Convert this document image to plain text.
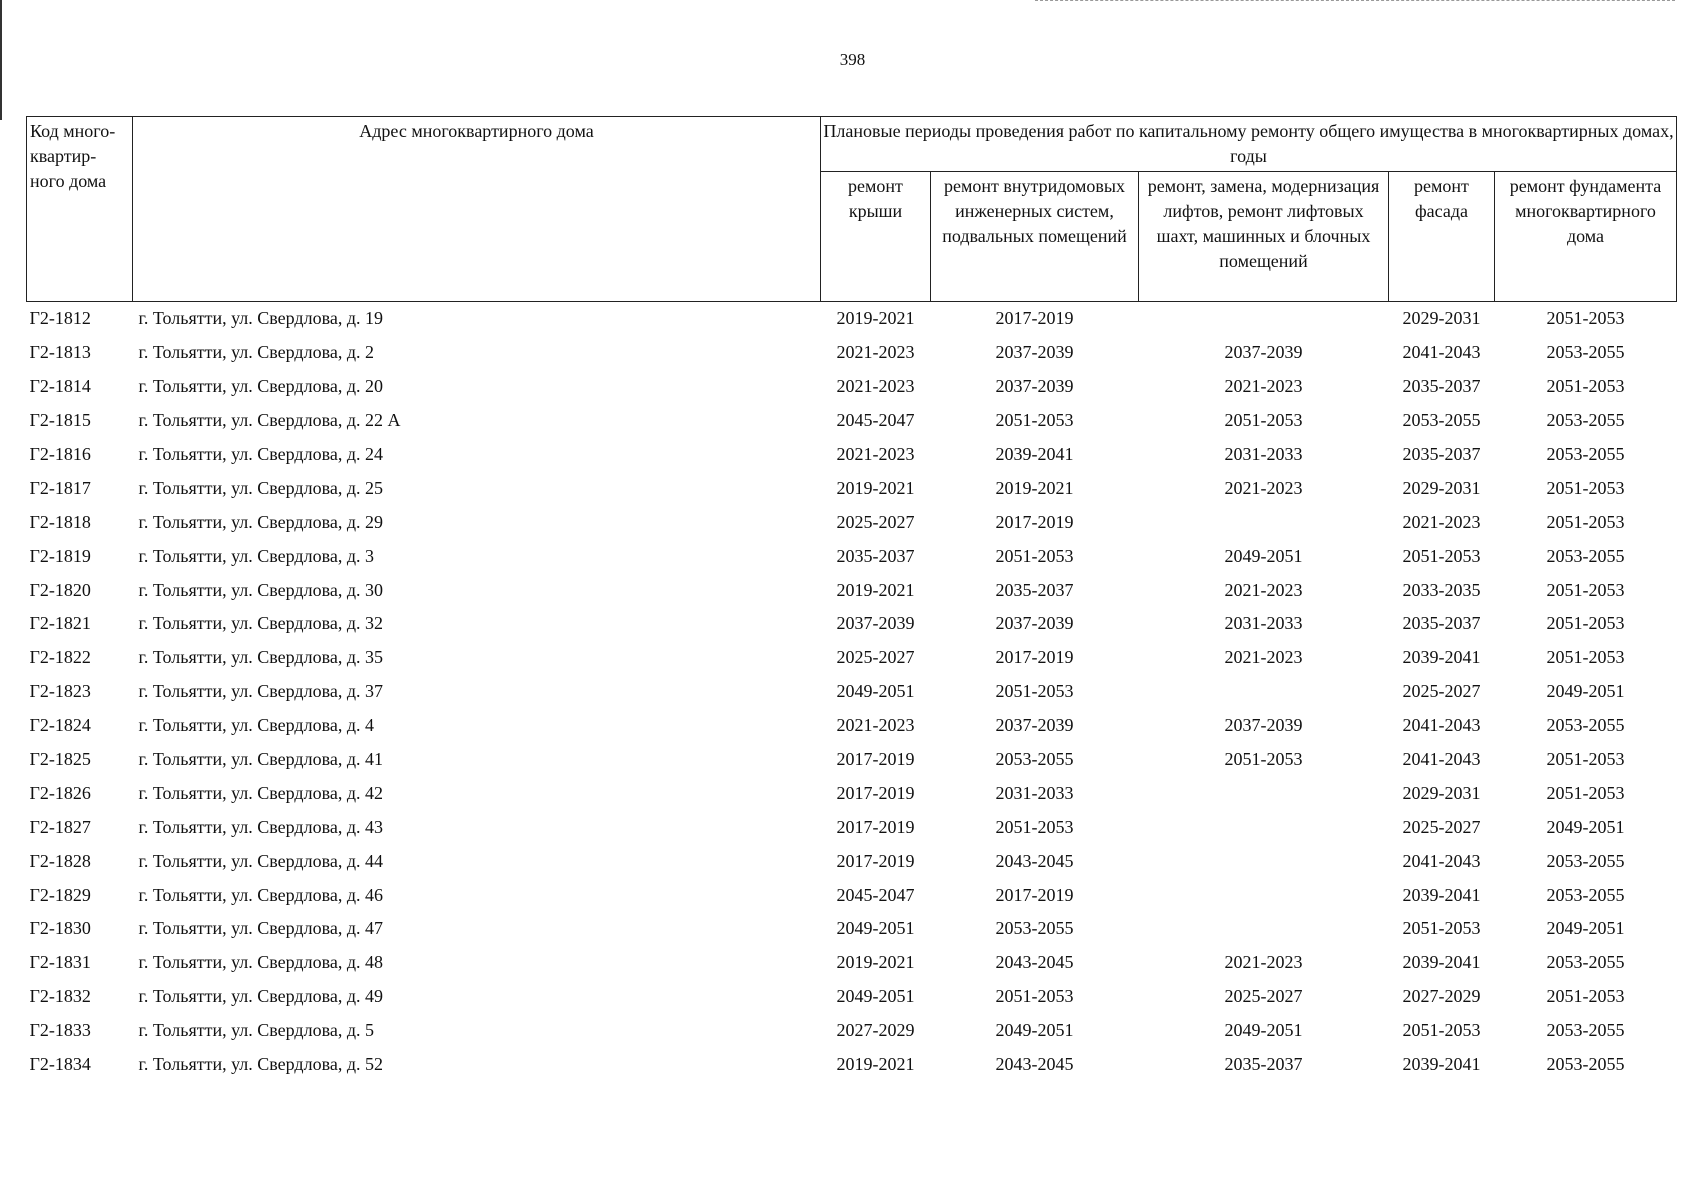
398
Код много-квартир-ного дома	Адрес многоквартирного дома	Плановые периоды проведения работ по капитальному ремонту общего имущества в многоквартирных домах, годы				
		ремонт крыши	ремонт внутридомовых инженерных систем, подвальных помещений	ремонт, замена, модернизация лифтов, ремонт лифтовых шахт, машинных и блочных помещений	ремонт фасада	ремонт фундамента многоквартирного дома
Г2-1812	г. Тольятти, ул. Свердлова, д. 19	2019-2021	2017-2019		2029-2031	2051-2053
Г2-1813	г. Тольятти, ул. Свердлова, д. 2	2021-2023	2037-2039	2037-2039	2041-2043	2053-2055
Г2-1814	г. Тольятти, ул. Свердлова, д. 20	2021-2023	2037-2039	2021-2023	2035-2037	2051-2053
Г2-1815	г. Тольятти, ул. Свердлова, д. 22 А	2045-2047	2051-2053	2051-2053	2053-2055	2053-2055
Г2-1816	г. Тольятти, ул. Свердлова, д. 24	2021-2023	2039-2041	2031-2033	2035-2037	2053-2055
Г2-1817	г. Тольятти, ул. Свердлова, д. 25	2019-2021	2019-2021	2021-2023	2029-2031	2051-2053
Г2-1818	г. Тольятти, ул. Свердлова, д. 29	2025-2027	2017-2019		2021-2023	2051-2053
Г2-1819	г. Тольятти, ул. Свердлова, д. 3	2035-2037	2051-2053	2049-2051	2051-2053	2053-2055
Г2-1820	г. Тольятти, ул. Свердлова, д. 30	2019-2021	2035-2037	2021-2023	2033-2035	2051-2053
Г2-1821	г. Тольятти, ул. Свердлова, д. 32	2037-2039	2037-2039	2031-2033	2035-2037	2051-2053
Г2-1822	г. Тольятти, ул. Свердлова, д. 35	2025-2027	2017-2019	2021-2023	2039-2041	2051-2053
Г2-1823	г. Тольятти, ул. Свердлова, д. 37	2049-2051	2051-2053		2025-2027	2049-2051
Г2-1824	г. Тольятти, ул. Свердлова, д. 4	2021-2023	2037-2039	2037-2039	2041-2043	2053-2055
Г2-1825	г. Тольятти, ул. Свердлова, д. 41	2017-2019	2053-2055	2051-2053	2041-2043	2051-2053
Г2-1826	г. Тольятти, ул. Свердлова, д. 42	2017-2019	2031-2033		2029-2031	2051-2053
Г2-1827	г. Тольятти, ул. Свердлова, д. 43	2017-2019	2051-2053		2025-2027	2049-2051
Г2-1828	г. Тольятти, ул. Свердлова, д. 44	2017-2019	2043-2045		2041-2043	2053-2055
Г2-1829	г. Тольятти, ул. Свердлова, д. 46	2045-2047	2017-2019		2039-2041	2053-2055
Г2-1830	г. Тольятти, ул. Свердлова, д. 47	2049-2051	2053-2055		2051-2053	2049-2051
Г2-1831	г. Тольятти, ул. Свердлова, д. 48	2019-2021	2043-2045	2021-2023	2039-2041	2053-2055
Г2-1832	г. Тольятти, ул. Свердлова, д. 49	2049-2051	2051-2053	2025-2027	2027-2029	2051-2053
Г2-1833	г. Тольятти, ул. Свердлова, д. 5	2027-2029	2049-2051	2049-2051	2051-2053	2053-2055
Г2-1834	г. Тольятти, ул. Свердлова, д. 52	2019-2021	2043-2045	2035-2037	2039-2041	2053-2055
